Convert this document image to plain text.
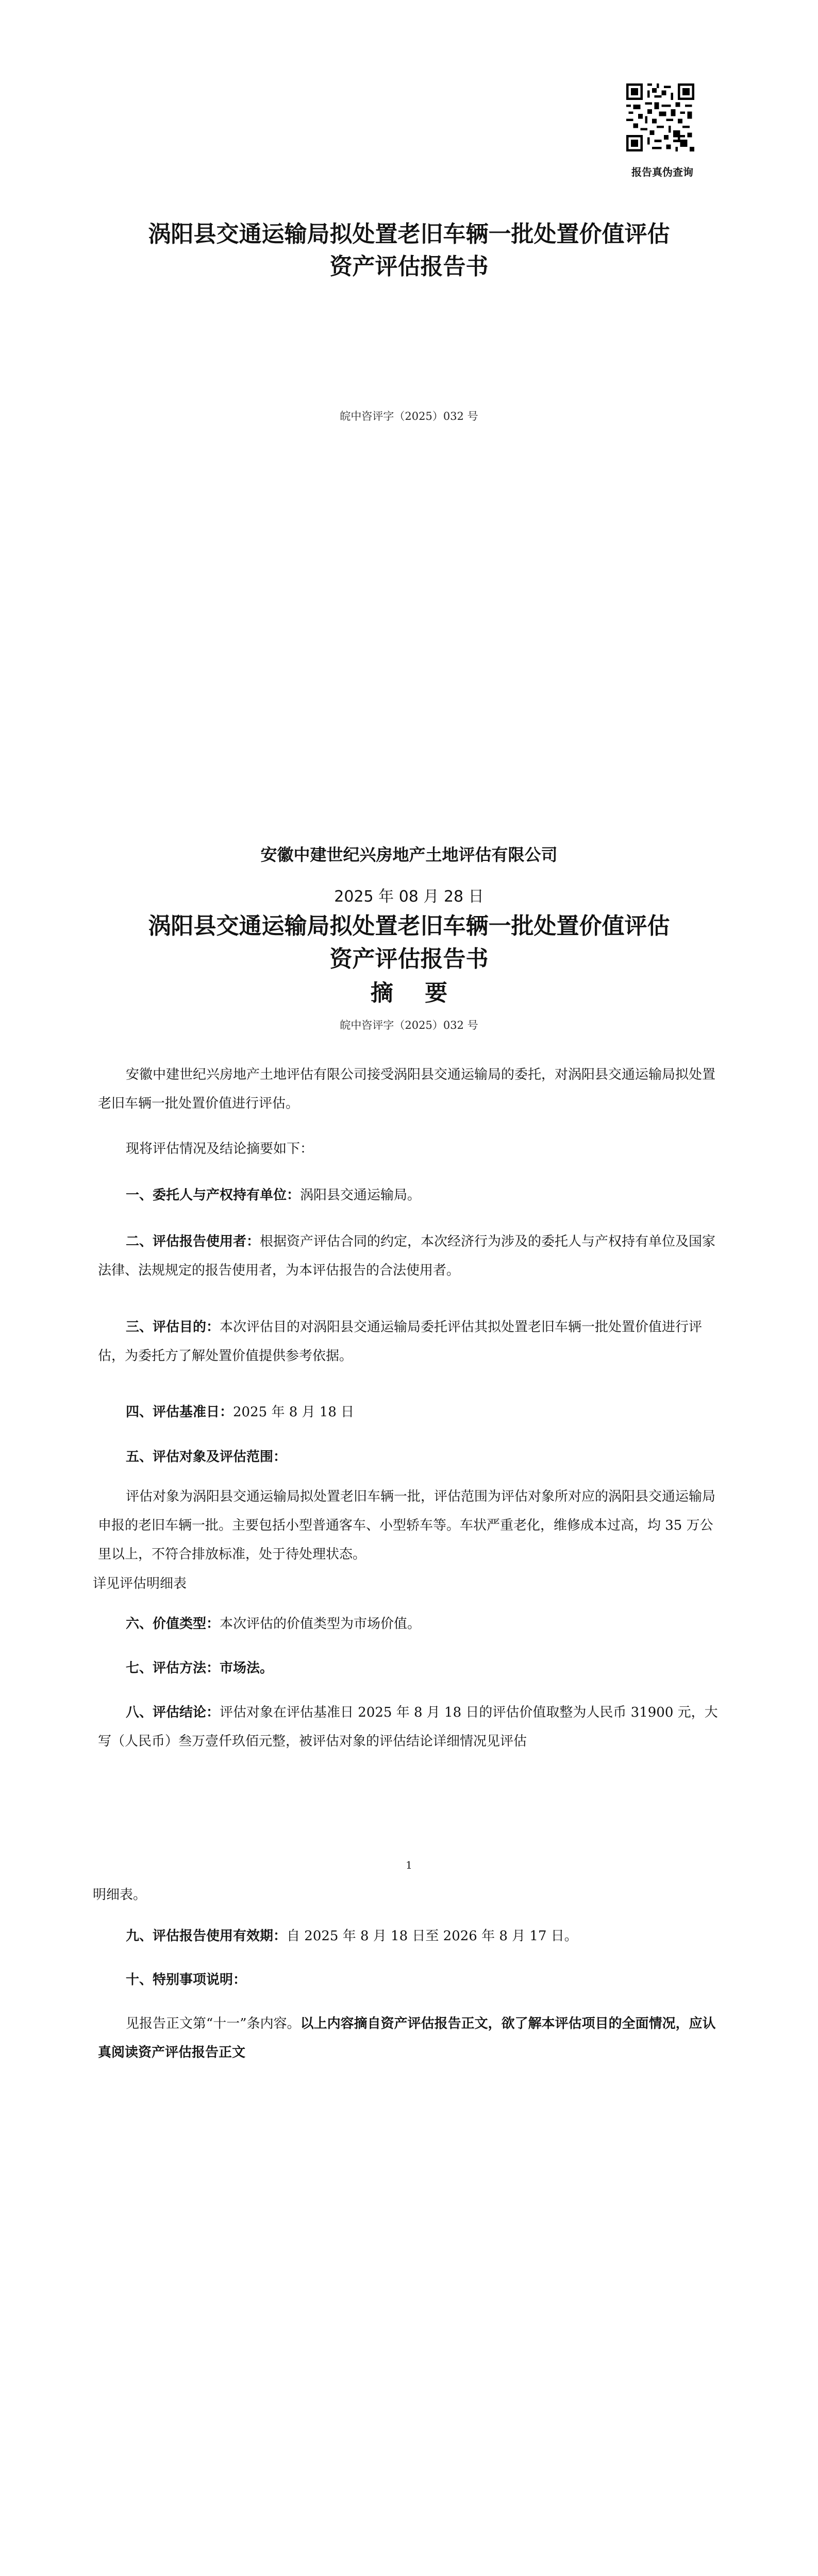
报告真伪查询
涡阳县交通运输局拟处置老旧车辆一批处置价值评估
资产评估报告书
皖中咨评字（2025）032 号
安徽中建世纪兴房地产土地评估有限公司
2025 年 08 月 28 日
涡阳县交通运输局拟处置老旧车辆一批处置价值评估
资产评估报告书
摘    要
皖中咨评字（2025）032 号
安徽中建世纪兴房地产土地评估有限公司接受涡阳县交通运输局的委托，对涡阳县交通运输局拟处置老旧车辆一批处置价值进行评估。
现将评估情况及结论摘要如下：
一、委托人与产权持有单位：涡阳县交通运输局。
二、评估报告使用者：根据资产评估合同的约定，本次经济行为涉及的委托人与产权持有单位及国家法律、法规规定的报告使用者，为本评估报告的合法使用者。
三、评估目的：本次评估目的对涡阳县交通运输局委托评估其拟处置老旧车辆一批处置价值进行评估，为委托方了解处置价值提供参考依据。
四、评估基准日：2025 年 8 月 18 日
五、评估对象及评估范围：
评估对象为涡阳县交通运输局拟处置老旧车辆一批，评估范围为评估对象所对应的涡阳县交通运输局申报的老旧车辆一批。主要包括小型普通客车、小型轿车等。车状严重老化，维修成本过高，均 35 万公里以上，不符合排放标准，处于待处理状态。
详见评估明细表
六、价值类型：本次评估的价值类型为市场价值。
七、评估方法：市场法。
八、评估结论：评估对象在评估基准日 2025 年 8 月 18 日的评估价值取整为人民币 31900 元，大写（人民币）叁万壹仟玖佰元整，被评估对象的评估结论详细情况见评估
1
明细表。
九、评估报告使用有效期：自 2025 年 8 月 18 日至 2026 年 8 月 17 日。
十、特别事项说明：
见报告正文第“十一”条内容。以上内容摘自资产评估报告正文，欲了解本评估项目的全面情况，应认真阅读资产评估报告正文
